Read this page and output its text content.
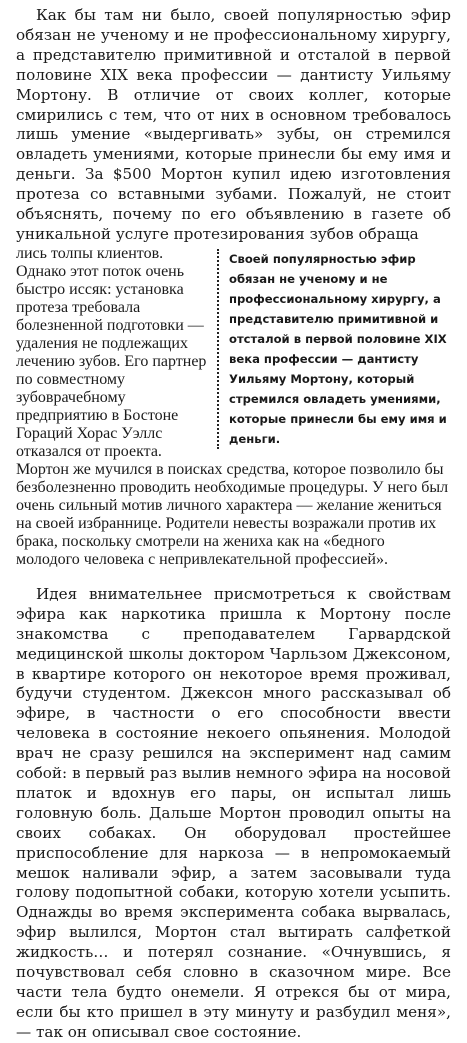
Как бы там ни было, своей популярностью эфир обязан не ученому и не профессиональному хирургу, а представителю примитивной и отсталой в первой половине XIX века профессии — дантисту Уильяму Мортону. В отличие от своих коллег, которые смирились с тем, что от них в основном требовалось лишь умение «выдергивать» зубы, он стремился овладеть умениями, которые принесли бы ему имя и деньги. За $500 Мортон купил идею изготовления протеза со вставными зубами. Пожалуй, не стоит объяснять, почему по его объявлению в газете об уникальной услуге протезирования зубов обраща

Своей популярностью эфир обязан не ученому и не профессиональному хирургу, а представителю примитивной и отсталой в первой половине XIX века профессии — дантисту Уильяму Мортону, который стремился овладеть умениями, которые принесли бы ему имя и деньги.
лись толпы клиентов. Однако этот поток очень быстро иссяк: установка протеза требовала болезненной подготовки — удаления не подлежащих лечению зубов. Его партнер по совместному зубоврачебному предприятию в Бостоне Гораций Хорас Уэллс отказался от проекта. Мортон же мучился в поисках средства, которое позволило бы безболезненно проводить необходимые процедуры. У него был очень сильный мотив личного характера — желание жениться на своей избраннице. Родители невесты возражали против их брака, поскольку смотрели на жениха как на «бедного молодого человека с непривлекательной профессией».

Идея внимательнее присмотреться к свойствам эфира как наркотика пришла к Мортону после знакомства с преподавателем Гарвардской медицинской школы доктором Чарльзом Джексоном, в квартире которого он некоторое время проживал, будучи студентом. Джексон много рассказывал об эфире, в частности о его способности ввести человека в состояние некоего опьянения. Молодой врач не сразу решился на эксперимент над самим собой: в первый раз вылив немного эфира на носовой платок и вдохнув его пары, он испытал лишь головную боль. Дальше Мортон проводил опыты на своих собаках. Он оборудовал простейшее приспособление для наркоза — в непромокаемый мешок наливали эфир, а затем засовывали туда голову подопытной собаки, которую хотели усыпить. Однажды во время эксперимента собака вырвалась, эфир вылился, Мортон стал вытирать салфеткой жидкость… и потерял сознание. «Очнувшись, я почувствовал себя словно в сказочном мире. Все части тела будто онемели. Я отрекся бы от мира, если бы кто пришел в эту минуту и разбудил меня», — так он описывал свое состояние.
